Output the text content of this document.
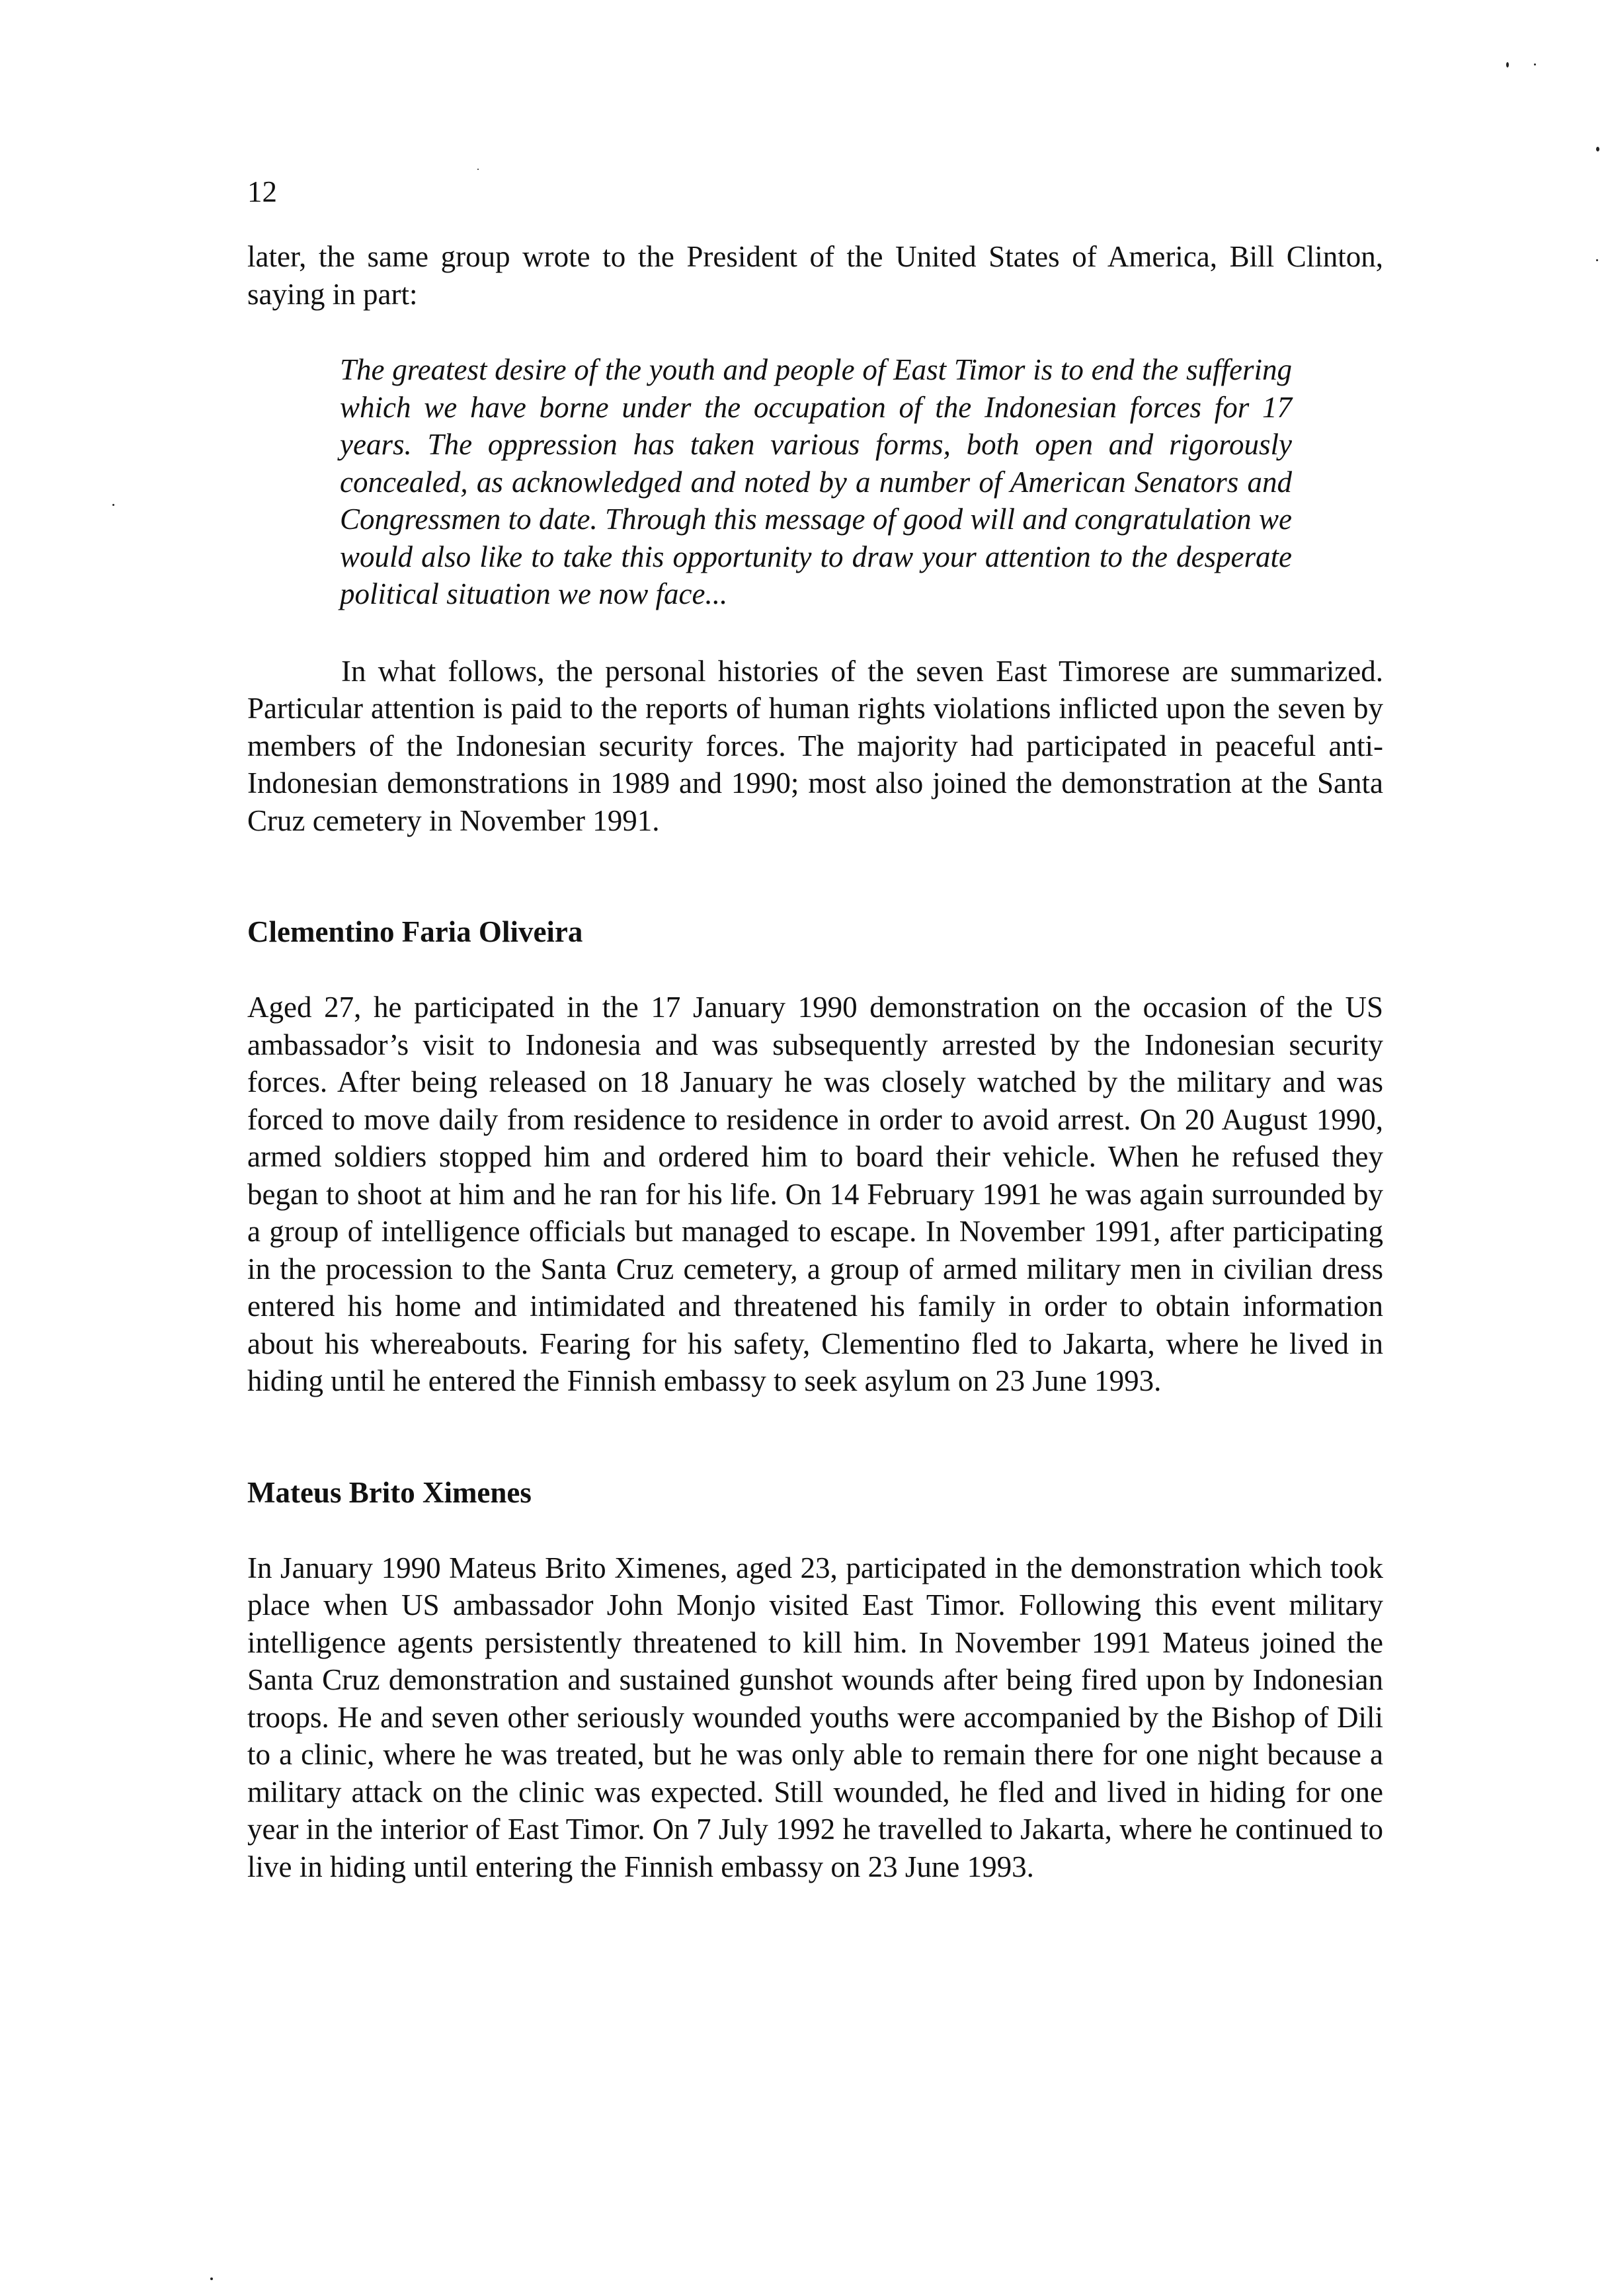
12

later, the same group wrote to the President of the United States of America, Bill Clinton, saying in part:

The greatest desire of the youth and people of East Timor is to end the suffering which we have borne under the occupation of the Indonesian forces for 17 years. The oppression has taken various forms, both open and rigorously concealed, as acknowledged and noted by a number of American Senators and Congressmen to date. Through this message of good will and congratulation we would also like to take this opportunity to draw your attention to the desperate political situation we now face...

In what follows, the personal histories of the seven East Timorese are summarized. Particular attention is paid to the reports of human rights violations inflicted upon the seven by members of the Indonesian security forces. The majority had participated in peaceful anti-Indonesian demonstrations in 1989 and 1990; most also joined the demonstration at the Santa Cruz cemetery in November 1991.

Clementino Faria Oliveira

Aged 27, he participated in the 17 January 1990 demonstration on the occasion of the US ambassador’s visit to Indonesia and was subsequently arrested by the Indonesian security forces. After being released on 18 January he was closely watched by the military and was forced to move daily from residence to residence in order to avoid arrest. On 20 August 1990, armed soldiers stopped him and ordered him to board their vehicle. When he refused they began to shoot at him and he ran for his life. On 14 February 1991 he was again surrounded by a group of intelligence officials but managed to escape. In November 1991, after participating in the procession to the Santa Cruz cemetery, a group of armed military men in civilian dress entered his home and intimidated and threatened his family in order to obtain information about his whereabouts. Fearing for his safety, Clementino fled to Jakarta, where he lived in hiding until he entered the Finnish embassy to seek asylum on 23 June 1993.

Mateus Brito Ximenes

In January 1990 Mateus Brito Ximenes, aged 23, participated in the demonstration which took place when US ambassador John Monjo visited East Timor. Following this event military intelligence agents persistently threatened to kill him. In November 1991 Mateus joined the Santa Cruz demonstration and sustained gunshot wounds after being fired upon by Indonesian troops. He and seven other seriously wounded youths were accompanied by the Bishop of Dili to a clinic, where he was treated, but he was only able to remain there for one night because a military attack on the clinic was expected. Still wounded, he fled and lived in hiding for one year in the interior of East Timor. On 7 July 1992 he travelled to Jakarta, where he continued to live in hiding until entering the Finnish embassy on 23 June 1993.
